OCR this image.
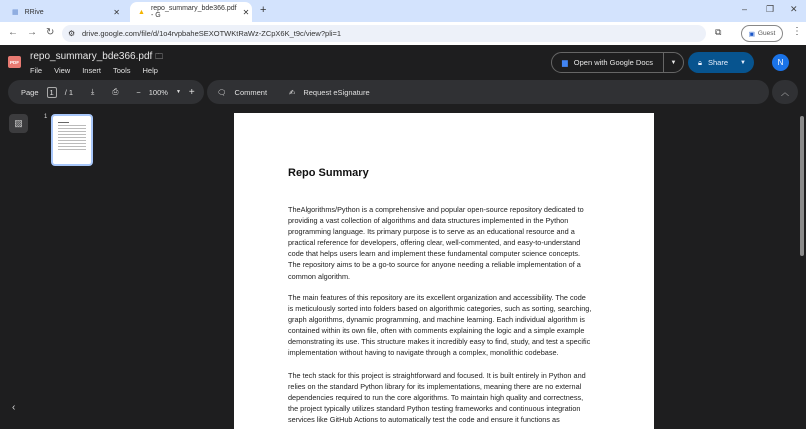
▦ RRive	✕	▲ repo_summary_bde366.pdf - G	✕ +	– ❐ ✕
← → ↻ ⚙ drive.google.com/file/d/1o4rvpbaheSEXOTWKtRaWz-ZCpX6K_t9c/view?pli=1	⧉	▣ Guest ⋮
PDF repo_summary_bde366.pdf 🗀
File View Insert Tools Help
▆ Open with Google Docs	▼	🔒︎ Share ▼	N
Page	1	/ 1 ⤓ ⎙ − 100% ▼ +	🗨︎ Comment	✍︎ Request eSignature	︿
▨
1
‹
Repo Summary
TheAlgorithms/Python is a comprehensive and popular open-source repository dedicated to
providing a vast collection of algorithms and data structures implemented in the Python
programming language. Its primary purpose is to serve as an educational resource and a
practical reference for developers, offering clear, well-commented, and easy-to-understand
code that helps users learn and implement these fundamental computer science concepts.
The repository aims to be a go-to source for anyone needing a reliable implementation of a
common algorithm.
The main features of this repository are its excellent organization and accessibility. The code
is meticulously sorted into folders based on algorithmic categories, such as sorting, searching,
graph algorithms, dynamic programming, and machine learning. Each individual algorithm is
contained within its own file, often with comments explaining the logic and a simple example
demonstrating its use. This structure makes it incredibly easy to find, study, and test a specific
implementation without having to navigate through a complex, monolithic codebase.
The tech stack for this project is straightforward and focused. It is built entirely in Python and
relies on the standard Python library for its implementations, meaning there are no external
dependencies required to run the core algorithms. To maintain high quality and correctness,
the project typically utilizes standard Python testing frameworks and continuous integration
services like GitHub Actions to automatically test the code and ensure it functions as
